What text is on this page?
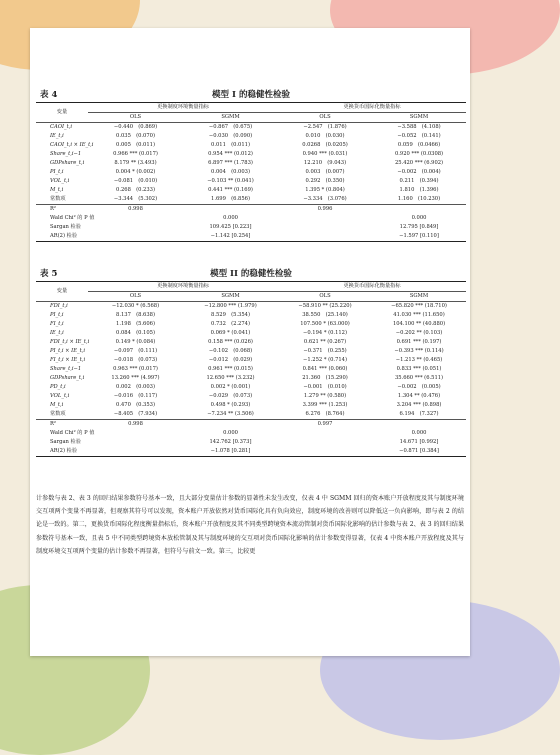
表 4	模型 I 的稳健性检验
变量	更换制度环境衡量指标		更换货币国际化衡量指标	
	OLS	SGMM	OLS	SGMM
CAOI_t,i	−0.440　(0.869)	−0.867　(0.675)	−2.547　(1.876)	−3.588　(4.108)
IE_t,i	0.035　(0.070)	−0.030　(0.090)	0.010　(0.030)	−0.052　(0.141)
CAOI_t,i × IE_t,i	0.005　(0.011)	0.011　(0.011)	0.0268　(0.0205)	0.059　(0.0466)
Share_t,i−1	0.966 *** (0.017)	0.954 *** (0.012)	0.940 *** (0.031)	0.920 *** (0.0308)
GDPshare_t,i	8.179 ** (3.493)	6.897 *** (1.783)	12.210　(9.043)	25.420 *** (6.902)
PI_t,i	0.004 * (0.002)	0.004　(0.003)	0.003　(0.007)	−0.002　(0.004)
VOL_t,i	−0.081　(0.010)	−0.103 ** (0.041)	0.292　(0.350)	0.211　(0.394)
M_t,i	0.268　(0.233)	0.441 *** (0.169)	1.395 * (0.804)	1.810　(1.396)
常数项	−3.344　(5.302)	1.699　(6.856)	−3.334　(3.076)	1.160　(10.230)
R²	0.998		0.996	
Wald Chi² 的 P 值		0.000		0.000
Sargan 检验		109.425 [0.223]		12.795 [0.849]
AR(2) 检验		−1.142 [0.254]		−1.597 [0.110]
表 5	模型 II 的稳健性检验
变量	更换制度环境衡量指标		更换货币国际化衡量指标	
	OLS	SGMM	OLS	SGMM
FDI_t,i	−12.030 * (6.568)	−12.800 *** (1.979)	−58.910 ** (25.220)	−65.820 *** (18.710)
PI_t,i	8.137　(8.638)	8.529　(5.354)	38.550　(25.140)	41.030 *** (11.650)
FI_t,i	1.198　(5.606)	0.732　(2.274)	107.500 * (63.000)	104.100 ** (40.880)
IE_t,i	0.084　(0.105)	0.069 * (0.041)	−0.194 * (0.112)	−0.202 ** (0.103)
FDI_t,i × IE_t,i	0.149 * (0.084)	0.158 *** (0.026)	0.621 ** (0.267)	0.691 *** (0.197)
PI_t,i × IE_t,i	−0.097　(0.111)	−0.102　(0.068)	−0.371　(0.255)	−0.393 *** (0.114)
FI_t,i × IE_t,i	−0.018　(0.073)	−0.012　(0.029)	−1.252 * (0.714)	−1.213 ** (0.465)
Share_t,i−1	0.963 *** (0.017)	0.961 *** (0.015)	0.841 *** (0.060)	0.833 *** (0.051)
GDPshare_t,i	13.260 *** (4.997)	12.650 *** (3.232)	21.360　(15.290)	35.660 *** (6.511)
PD_t,i	0.002　(0.003)	0.002 * (0.001)	−0.001　(0.010)	−0.002　(0.005)
VOL_t,i	−0.016　(0.117)	−0.029　(0.073)	1.279 ** (0.580)	1.304 ** (0.476)
M_t,i	0.470　(0.353)	0.498 * (0.293)	3.399 *** (1.253)	3.204 *** (0.898)
常数项	−8.405　(7.934)	−7.234 ** (3.506)	6.276　(8.764)	6.194　(7.327)
R²	0.998		0.997	
Wald Chi² 的 P 值		0.000		0.000
Sargan 检验		142.762 [0.373]		14.671 [0.992]
AR(2) 检验		−1.078 [0.281]		−0.871 [0.384]
计参数与表 2、表 3 的回归结果参数符号基本一致，且大部分变量估计参数的显著性未发生改变，仅表 4 中 SGMM 回归的资本账户开放程度及其与制度环境交互项两个变量不再显著，但观察其符号可以发现，资本账户开放依然对货币国际化具有负向效应，制度环境的改善则可以降低这一负向影响，即与表 2 的结论是一致的。第二，更换货币国际化程度衡量指标后，资本账户开放程度及其不同类型跨境资本流动管制对货币国际化影响的估计参数与表 2、表 3 的回归结果参数符号基本一致，且表 5 中不同类型跨境资本放松管制及其与制度环境的交互项对货币国际化影响的估计参数变得显著，仅表 4 中资本账户开放程度及其与制度环境交互项两个变量的估计参数不再显著，但符号与前文一致。第三，比较更
